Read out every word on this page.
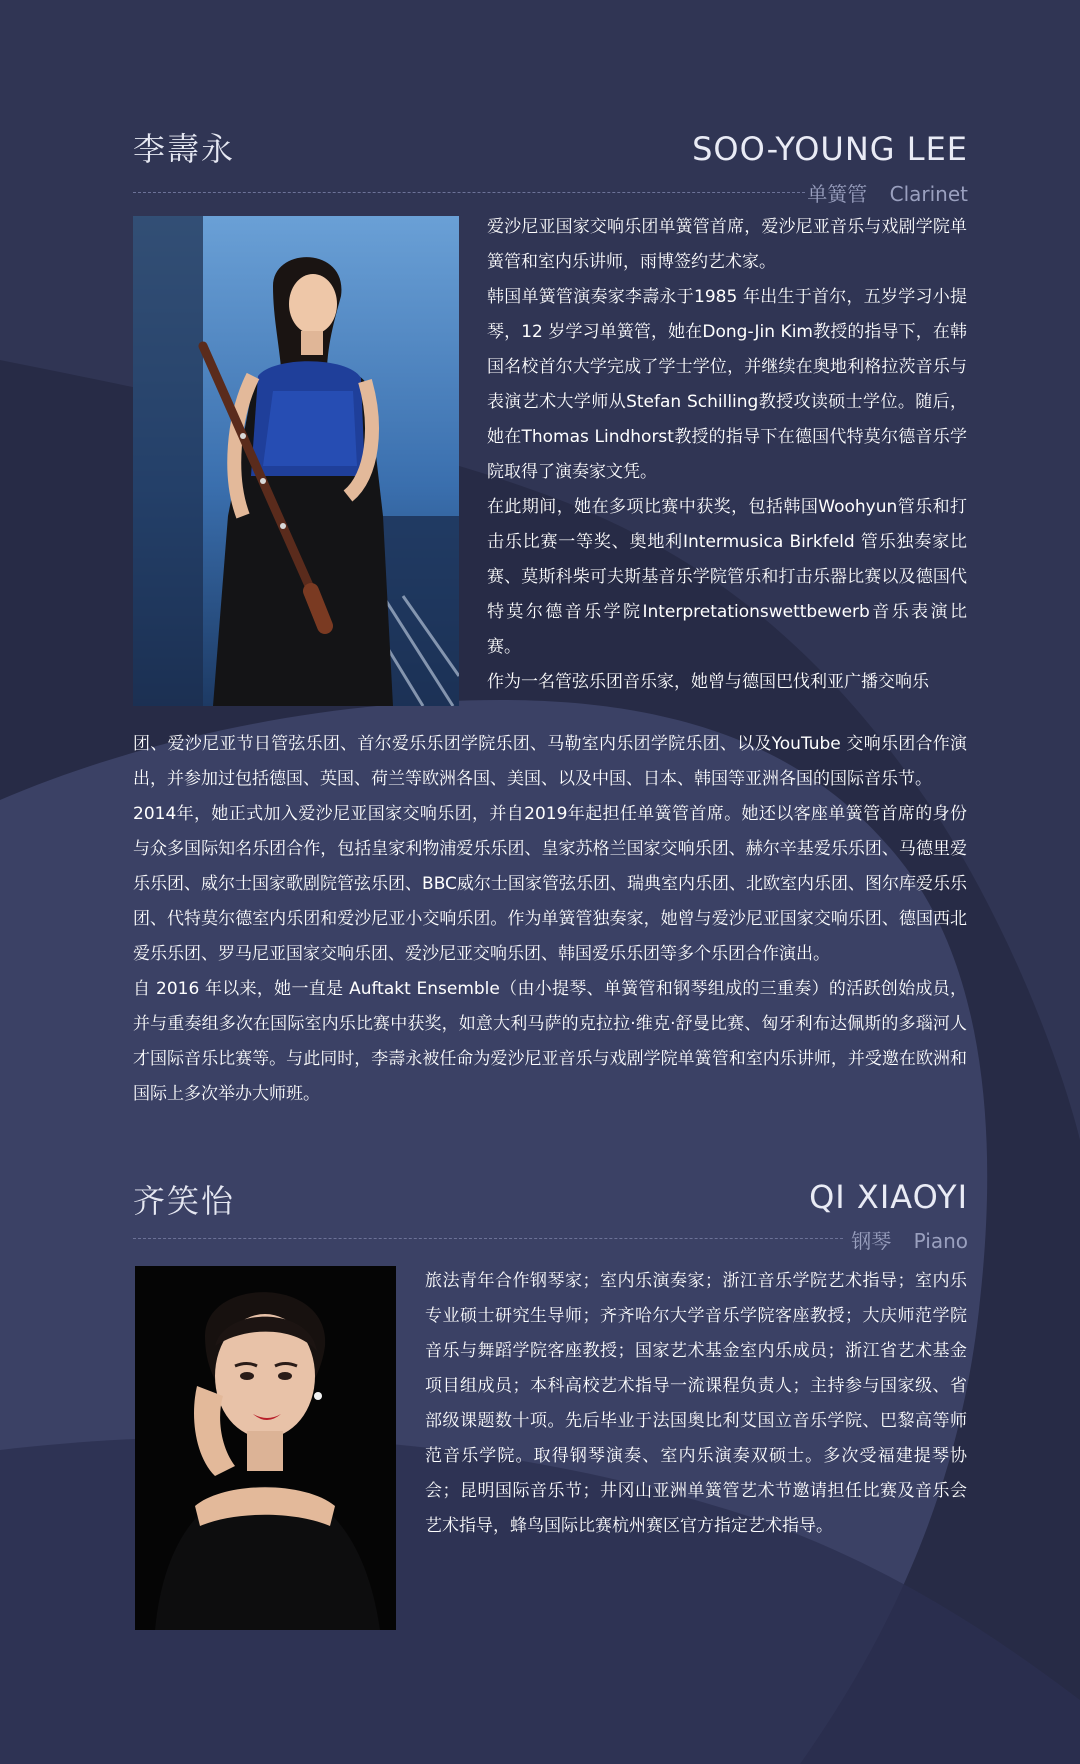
李壽永	SOO-YOUNG LEE
单簧管 Clarinet

爱沙尼亚国家交响乐团单簧管首席，爱沙尼亚音乐与戏剧学院单簧管和室内乐讲师，雨博签约艺术家。

韩国单簧管演奏家李壽永于1985 年出生于首尔，五岁学习小提琴，12 岁学习单簧管，她在Dong-Jin Kim教授的指导下，在韩国名校首尔大学完成了学士学位，并继续在奥地利格拉茨音乐与表演艺术大学师从Stefan Schilling教授攻读硕士学位。随后，她在Thomas Lindhorst教授的指导下在德国代特莫尔德音乐学院取得了演奏家文凭。

在此期间，她在多项比赛中获奖，包括韩国Woohyun管乐和打击乐比赛一等奖、奥地利Intermusica Birkfeld 管乐独奏家比赛、莫斯科柴可夫斯基音乐学院管乐和打击乐器比赛以及德国代特莫尔德音乐学院Interpretationswettbewerb音乐表演比赛。

作为一名管弦乐团音乐家，她曾与德国巴伐利亚广播交响乐

团、爱沙尼亚节日管弦乐团、首尔爱乐乐团学院乐团、马勒室内乐团学院乐团、以及YouTube 交响乐团合作演出，并参加过包括德国、英国、荷兰等欧洲各国、美国、以及中国、日本、韩国等亚洲各国的国际音乐节。

2014年，她正式加入爱沙尼亚国家交响乐团，并自2019年起担任单簧管首席。她还以客座单簧管首席的身份与众多国际知名乐团合作，包括皇家利物浦爱乐乐团、皇家苏格兰国家交响乐团、赫尔辛基爱乐乐团、马德里爱乐乐团、威尔士国家歌剧院管弦乐团、BBC威尔士国家管弦乐团、瑞典室内乐团、北欧室内乐团、图尔库爱乐乐团、代特莫尔德室内乐团和爱沙尼亚小交响乐团。作为单簧管独奏家，她曾与爱沙尼亚国家交响乐团、德国西北爱乐乐团、罗马尼亚国家交响乐团、爱沙尼亚交响乐团、韩国爱乐乐团等多个乐团合作演出。

自 2016 年以来，她一直是 Auftakt Ensemble（由小提琴、单簧管和钢琴组成的三重奏）的活跃创始成员，并与重奏组多次在国际室内乐比赛中获奖，如意大利马萨的克拉拉·维克·舒曼比赛、匈牙利布达佩斯的多瑙河人才国际音乐比赛等。与此同时，李壽永被任命为爱沙尼亚音乐与戏剧学院单簧管和室内乐讲师，并受邀在欧洲和国际上多次举办大师班。

齐笑怡	QI XIAOYI
钢琴 Piano

旅法青年合作钢琴家；室内乐演奏家；浙江音乐学院艺术指导；室内乐专业硕士研究生导师；齐齐哈尔大学音乐学院客座教授；大庆师范学院音乐与舞蹈学院客座教授；国家艺术基金室内乐成员；浙江省艺术基金项目组成员；本科高校艺术指导一流课程负责人；主持参与国家级、省部级课题数十项。先后毕业于法国奥比利艾国立音乐学院、巴黎高等师范音乐学院。取得钢琴演奏、室内乐演奏双硕士。多次受福建提琴协会；昆明国际音乐节；井冈山亚洲单簧管艺术节邀请担任比赛及音乐会艺术指导，蜂鸟国际比赛杭州赛区官方指定艺术指导。
